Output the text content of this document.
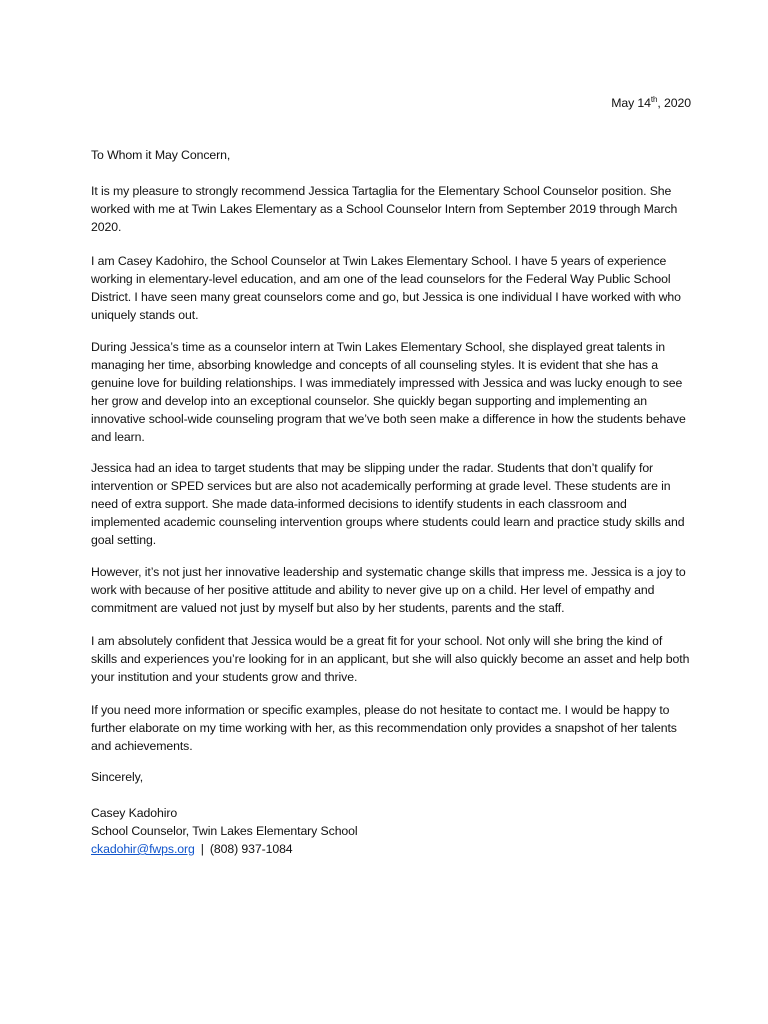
May 14th, 2020

To Whom it May Concern,

It is my pleasure to strongly recommend Jessica Tartaglia for the Elementary School Counselor position. She worked with me at Twin Lakes Elementary as a School Counselor Intern from September 2019 through March 2020.

I am Casey Kadohiro, the School Counselor at Twin Lakes Elementary School. I have 5 years of experience working in elementary-level education, and am one of the lead counselors for the Federal Way Public School District. I have seen many great counselors come and go, but Jessica is one individual I have worked with who uniquely stands out.

During Jessica’s time as a counselor intern at Twin Lakes Elementary School, she displayed great talents in managing her time, absorbing knowledge and concepts of all counseling styles. It is evident that she has a genuine love for building relationships. I was immediately impressed with Jessica and was lucky enough to see her grow and develop into an exceptional counselor. She quickly began supporting and implementing an innovative school-wide counseling program that we’ve both seen make a difference in how the students behave and learn.

Jessica had an idea to target students that may be slipping under the radar. Students that don’t qualify for intervention or SPED services but are also not academically performing at grade level. These students are in need of extra support. She made data-informed decisions to identify students in each classroom and implemented academic counseling intervention groups where students could learn and practice study skills and goal setting.

However, it’s not just her innovative leadership and systematic change skills that impress me. Jessica is a joy to work with because of her positive attitude and ability to never give up on a child. Her level of empathy and commitment are valued not just by myself but also by her students, parents and the staff.

I am absolutely confident that Jessica would be a great fit for your school. Not only will she bring the kind of skills and experiences you’re looking for in an applicant, but she will also quickly become an asset and help both your institution and your students grow and thrive.

If you need more information or specific examples, please do not hesitate to contact me. I would be happy to further elaborate on my time working with her, as this recommendation only provides a snapshot of her talents and achievements.

Sincerely,

Casey Kadohiro
School Counselor, Twin Lakes Elementary School
ckadohir@fwps.org | (808) 937-1084
